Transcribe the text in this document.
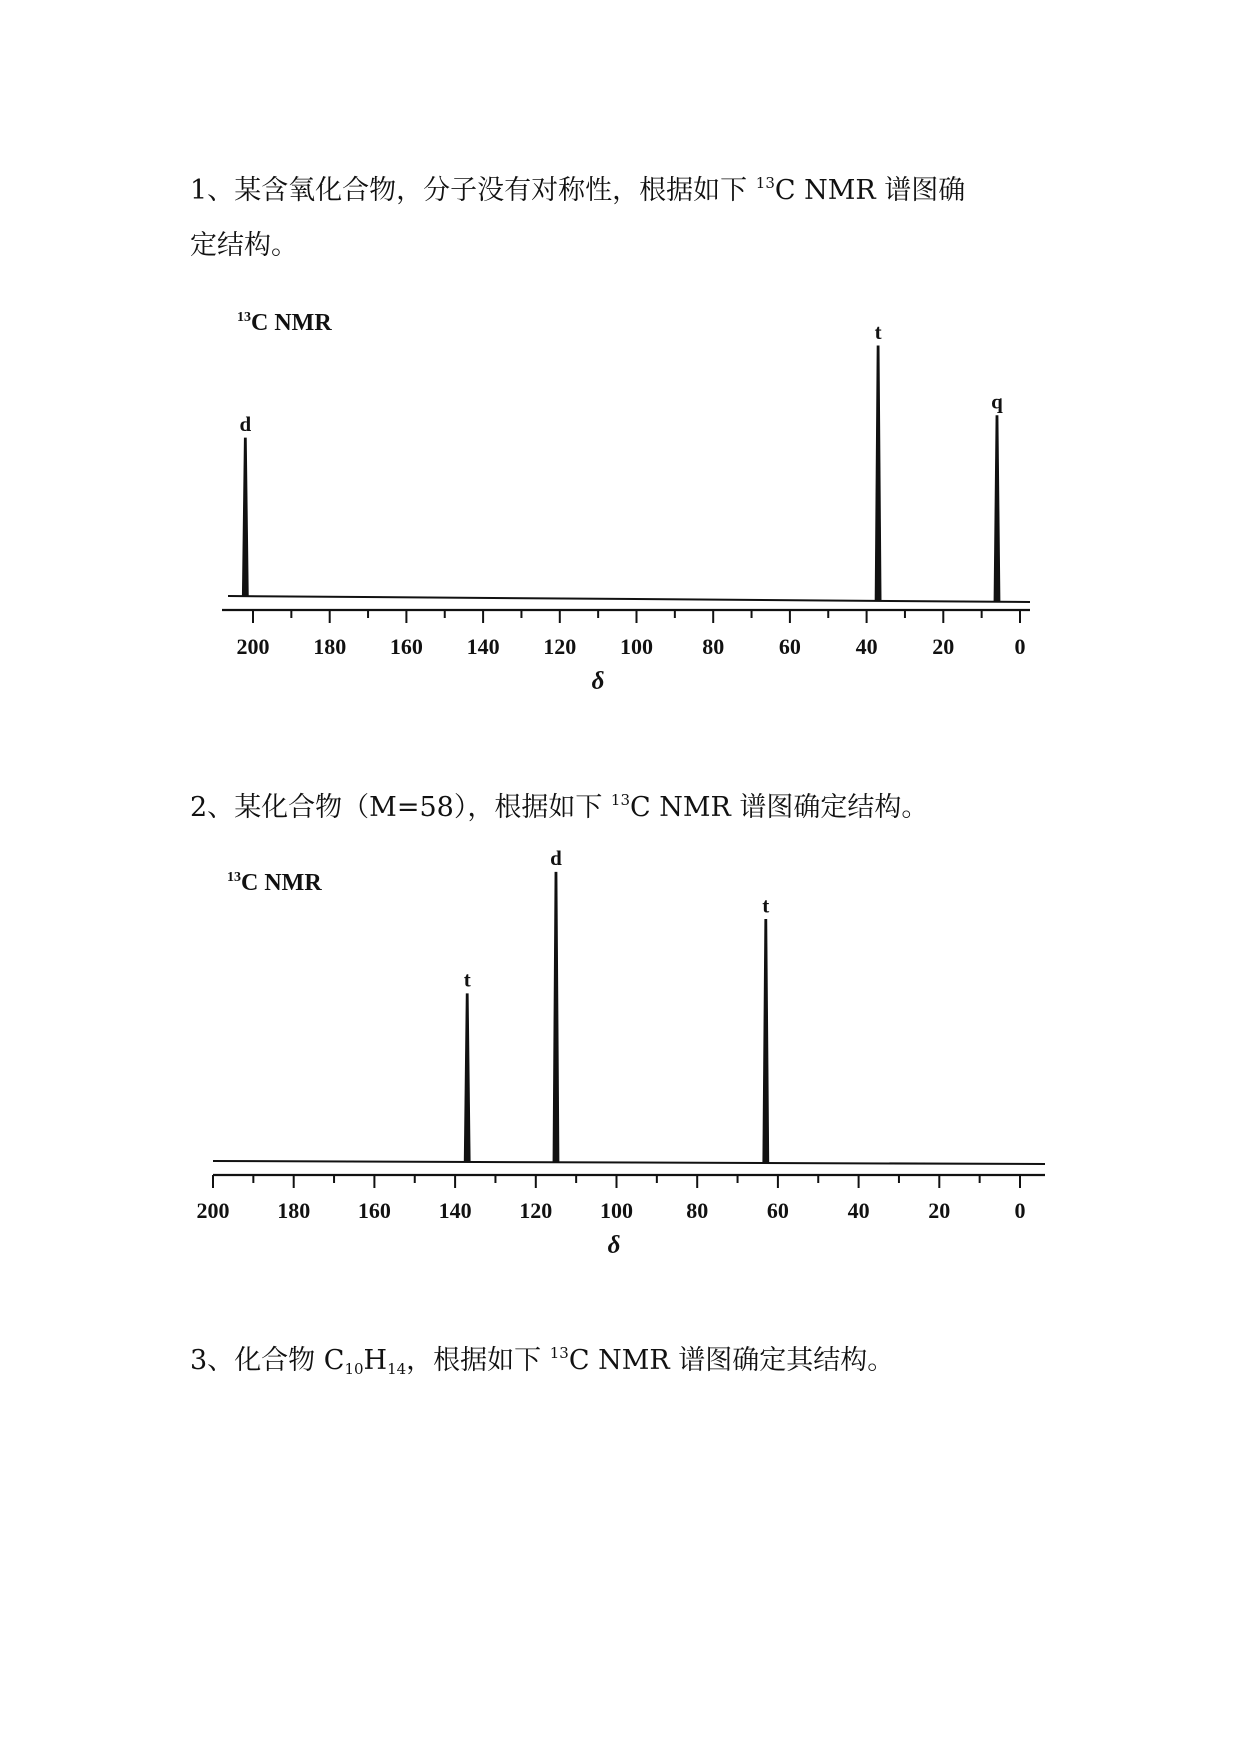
1、某含氧化合物，分子没有对称性，根据如下 $^{13}$C NMR 谱图确
定结构。
$^{13}$C NMR
200 180 160 140 120 100 80 60 40 20	0
δ
d
t
q
2、某化合物（M=58），根据如下 $^{13}$C NMR 谱图确定结构。
$^{13}$C NMR
200 180 160 140 120 100 80	60	40	20	0
δ
t
d
t
3、化合物 $C_{10}H_{14}$，根据如下 $^{13}$C NMR 谱图确定其结构。
